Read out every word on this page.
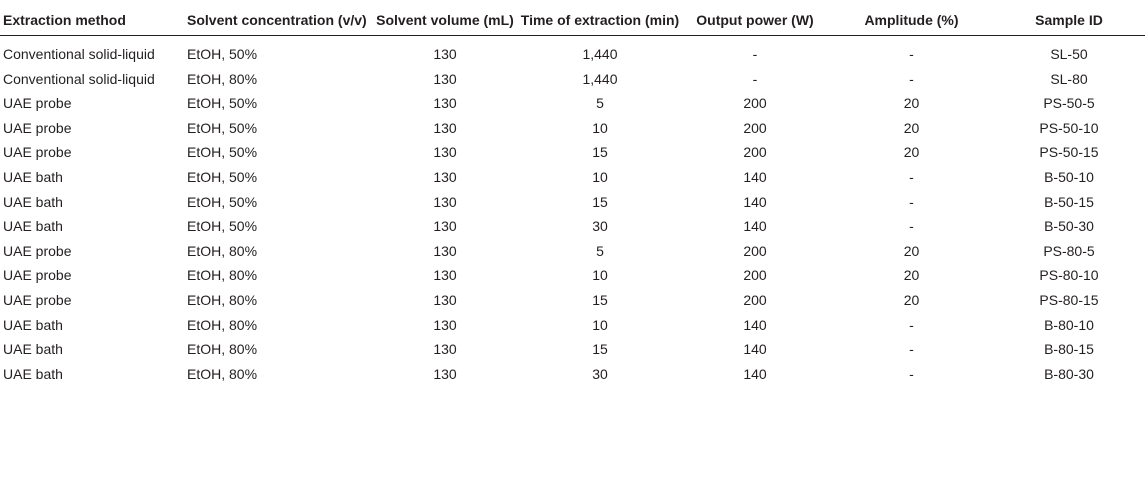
Extraction method	Solvent concentration (v/v)	Solvent volume (mL)	Time of extraction (min)	Output power (W)	Amplitude (%)	Sample ID
Conventional solid-liquid	EtOH, 50%	130	1,440	-	-	SL-50
Conventional solid-liquid	EtOH, 80%	130	1,440	-	-	SL-80
UAE probe	EtOH, 50%	130	5	200	20	PS-50-5
UAE probe	EtOH, 50%	130	10	200	20	PS-50-10
UAE probe	EtOH, 50%	130	15	200	20	PS-50-15
UAE bath	EtOH, 50%	130	10	140	-	B-50-10
UAE bath	EtOH, 50%	130	15	140	-	B-50-15
UAE bath	EtOH, 50%	130	30	140	-	B-50-30
UAE probe	EtOH, 80%	130	5	200	20	PS-80-5
UAE probe	EtOH, 80%	130	10	200	20	PS-80-10
UAE probe	EtOH, 80%	130	15	200	20	PS-80-15
UAE bath	EtOH, 80%	130	10	140	-	B-80-10
UAE bath	EtOH, 80%	130	15	140	-	B-80-15
UAE bath	EtOH, 80%	130	30	140	-	B-80-30
